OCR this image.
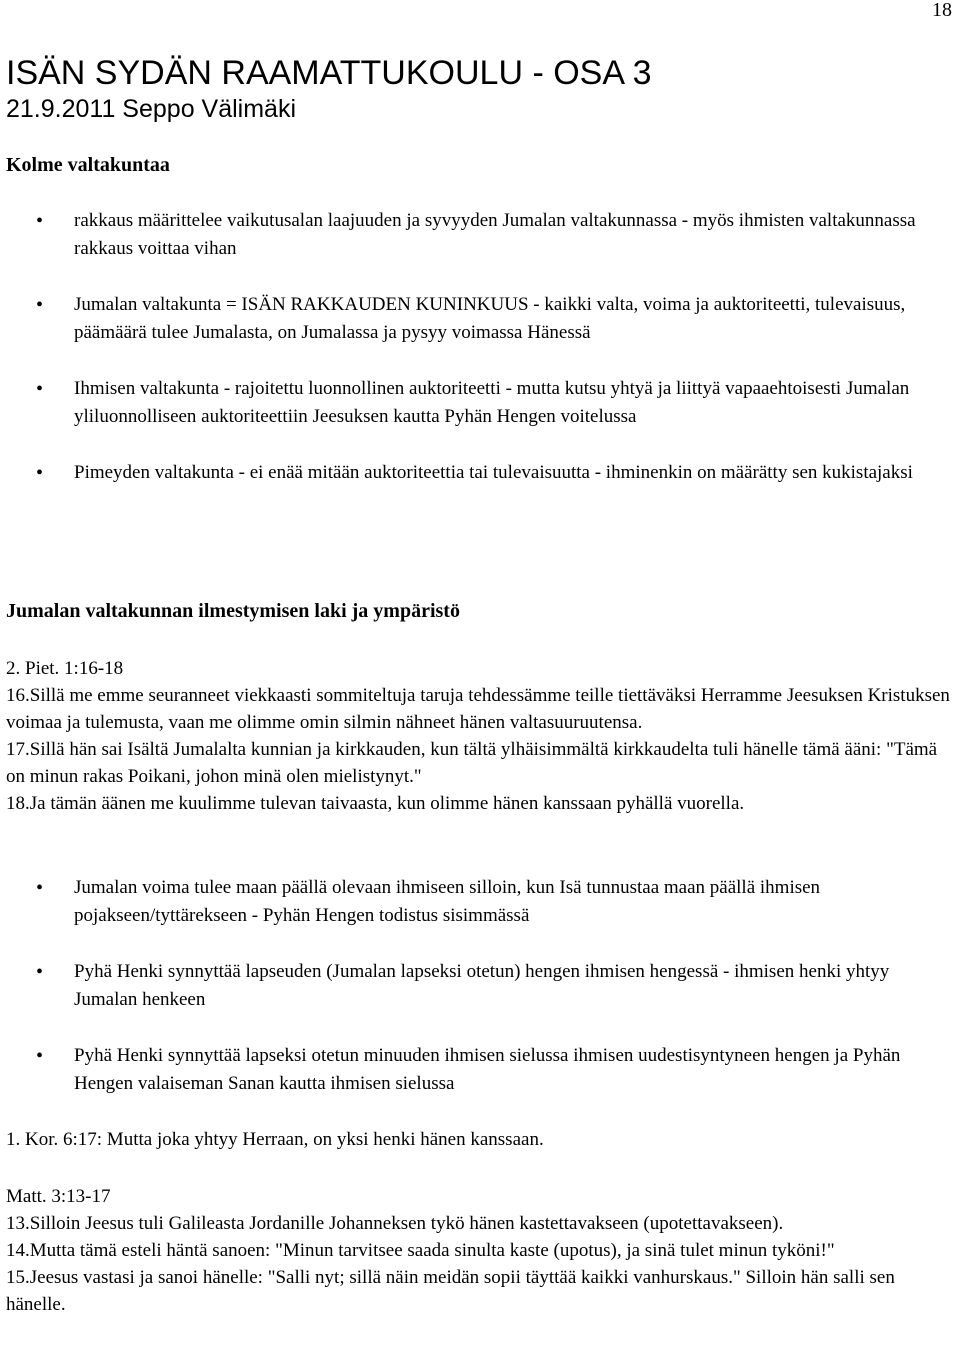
18
ISÄN SYDÄN RAAMATTUKOULU - OSA 3
21.9.2011 Seppo Välimäki
Kolme valtakuntaa
• rakkaus määrittelee vaikutusalan laajuuden ja syvyyden Jumalan valtakunnassa - myös ihmisten valtakunnassa rakkaus voittaa vihan
• Jumalan valtakunta = ISÄN RAKKAUDEN KUNINKUUS - kaikki valta, voima ja auktoriteetti, tulevaisuus, päämäärä tulee Jumalasta, on Jumalassa ja pysyy voimassa Hänessä
• Ihmisen valtakunta - rajoitettu luonnollinen auktoriteetti - mutta kutsu yhtyä ja liittyä vapaaehtoisesti Jumalan yliluonnolliseen auktoriteettiin Jeesuksen kautta Pyhän Hengen voitelussa
• Pimeyden valtakunta - ei enää mitään auktoriteettia tai tulevaisuutta - ihminenkin on määrätty sen kukistajaksi
Jumalan valtakunnan ilmestymisen laki ja ympäristö
2. Piet. 1:16-18
16.Sillä me emme seuranneet viekkaasti sommiteltuja taruja tehdessämme teille tiettäväksi Herramme Jeesuksen Kristuksen voimaa ja tulemusta, vaan me olimme omin silmin nähneet hänen valtasuuruutensa.
17.Sillä hän sai Isältä Jumalalta kunnian ja kirkkauden, kun tältä ylhäisimmältä kirkkaudelta tuli hänelle tämä ääni: "Tämä on minun rakas Poikani, johon minä olen mielistynyt."
18.Ja tämän äänen me kuulimme tulevan taivaasta, kun olimme hänen kanssaan pyhällä vuorella.
• Jumalan voima tulee maan päällä olevaan ihmiseen silloin, kun Isä tunnustaa maan päällä ihmisen pojakseen/tyttärekseen - Pyhän Hengen todistus sisimmässä
• Pyhä Henki synnyttää lapseuden (Jumalan lapseksi otetun) hengen ihmisen hengessä - ihmisen henki yhtyy Jumalan henkeen
• Pyhä Henki synnyttää lapseksi otetun minuuden ihmisen sielussa ihmisen uudestisyntyneen hengen ja Pyhän Hengen valaiseman Sanan kautta ihmisen sielussa
1. Kor. 6:17: Mutta joka yhtyy Herraan, on yksi henki hänen kanssaan.
Matt. 3:13-17
13.Silloin Jeesus tuli Galileasta Jordanille Johanneksen tykö hänen kastettavakseen (upotettavakseen).
14.Mutta tämä esteli häntä sanoen: "Minun tarvitsee saada sinulta kaste (upotus), ja sinä tulet minun tyköni!"
15.Jeesus vastasi ja sanoi hänelle: "Salli nyt; sillä näin meidän sopii täyttää kaikki vanhurskaus." Silloin hän salli sen hänelle.
